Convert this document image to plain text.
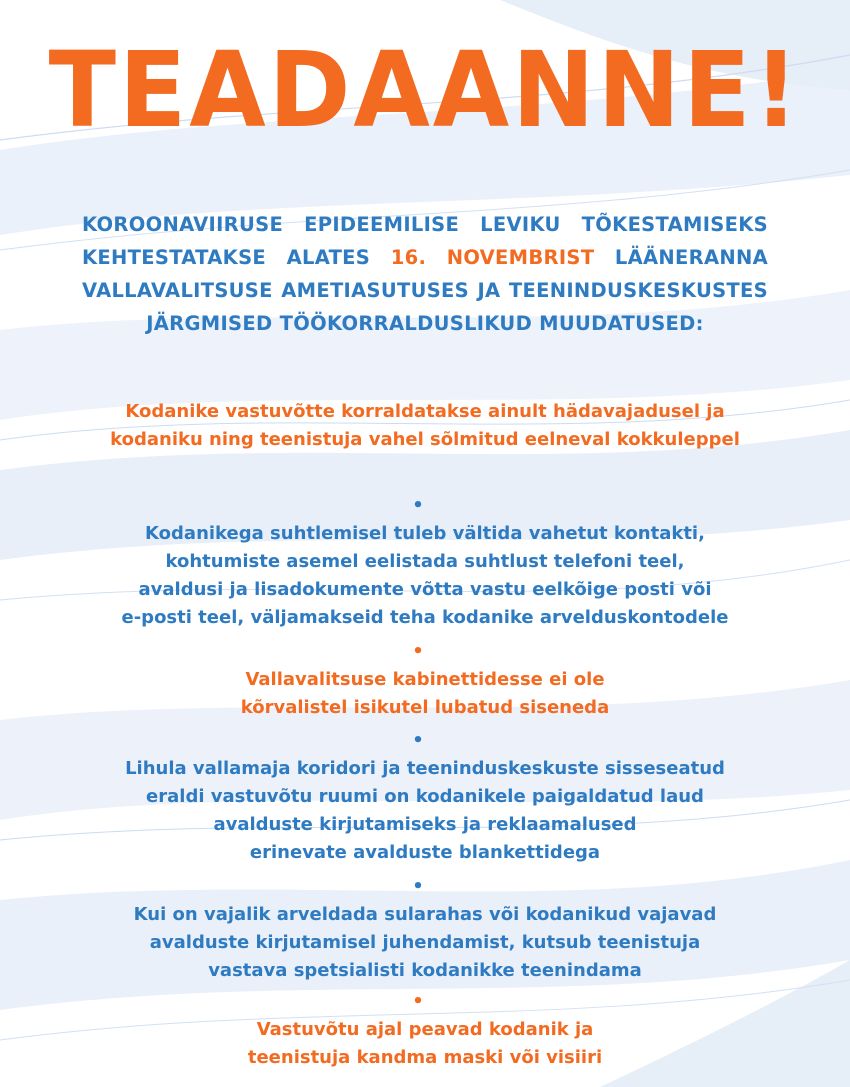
TEADAANNE!
KOROONAVIIRUSE EPIDEEMILISE LEVIKU TÕKESTAMISEKS
KEHTESTATAKSE ALATES 16. NOVEMBRIST LÄÄNERANNA
VALLAVALITSUSE AMETIASUTUSES JA TEENINDUSKESKUSTES
JÄRGMISED TÖÖKORRALDUSLIKUD MUUDATUSED:
Kodanike vastuvõtte korraldatakse ainult hädavajadusel ja
kodaniku ning teenistuja vahel sõlmitud eelneval kokkuleppel
•
Kodanikega suhtlemisel tuleb vältida vahetut kontakti,
kohtumiste asemel eelistada suhtlust telefoni teel,
avaldusi ja lisadokumente võtta vastu eelkõige posti või
e-posti teel, väljamakseid teha kodanike arvelduskontodele
•
Vallavalitsuse kabinettidesse ei ole
kõrvalistel isikutel lubatud siseneda
•
Lihula vallamaja koridori ja teeninduskeskuste sisseseatud
eraldi vastuvõtu ruumi on kodanikele paigaldatud laud
avalduste kirjutamiseks ja reklaamalused
erinevate avalduste blankettidega
•
Kui on vajalik arveldada sularahas või kodanikud vajavad
avalduste kirjutamisel juhendamist, kutsub teenistuja
vastava spetsialisti kodanikke teenindama
•
Vastuvõtu ajal peavad kodanik ja
teenistuja kandma maski või visiiri
